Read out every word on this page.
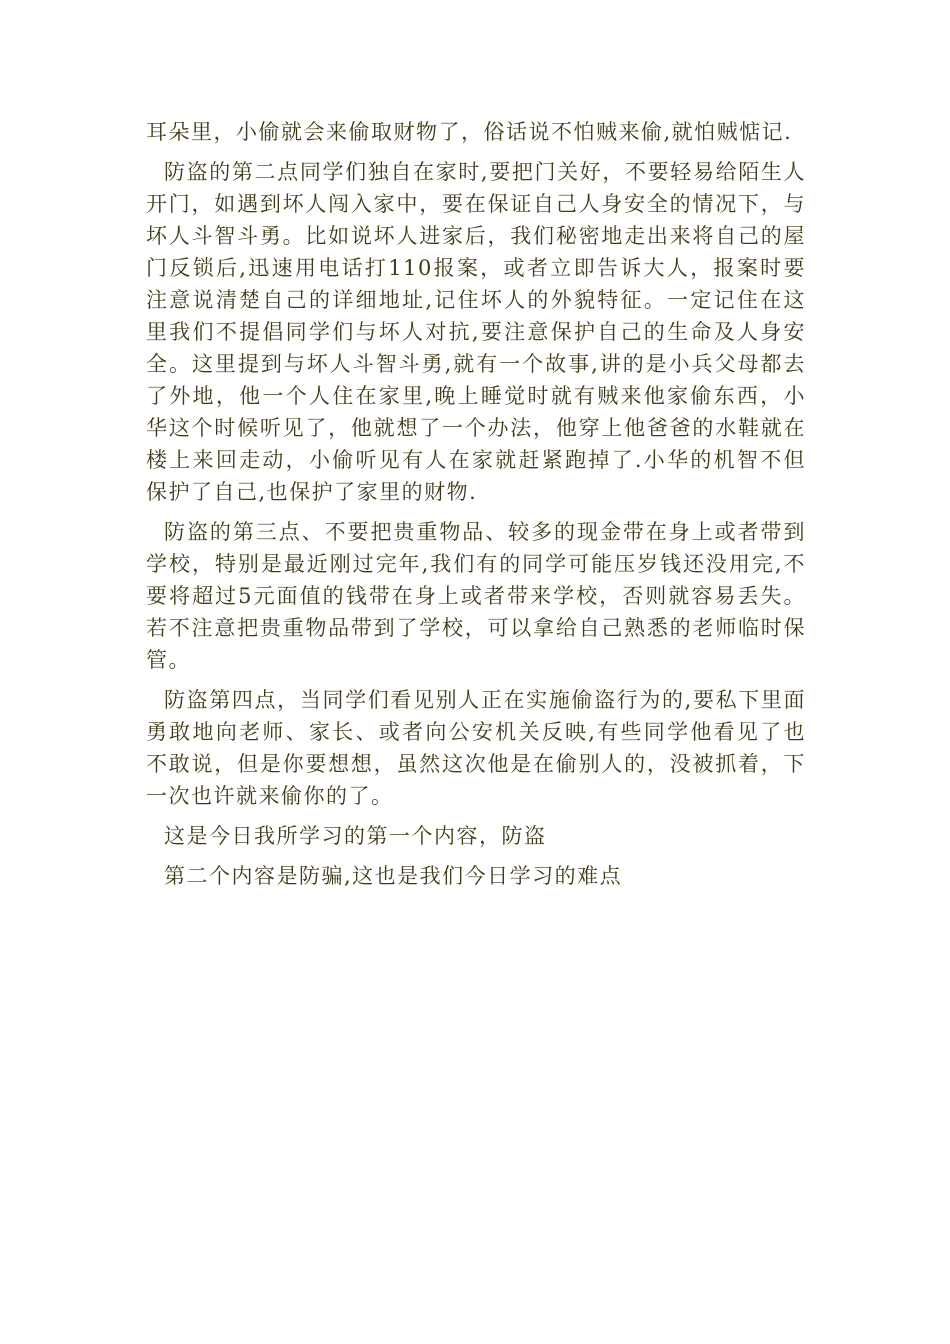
耳朵里，小偷就会来偷取财物了，俗话说不怕贼来偷,就怕贼惦记.

防盗的第二点同学们独自在家时,要把门关好，不要轻易给陌生人开门，如遇到坏人闯入家中，要在保证自己人身安全的情况下，与坏人斗智斗勇。比如说坏人进家后，我们秘密地走出来将自己的屋门反锁后,迅速用电话打110报案，或者立即告诉大人，报案时要注意说清楚自己的详细地址,记住坏人的外貌特征。一定记住在这里我们不提倡同学们与坏人对抗,要注意保护自己的生命及人身安全。这里提到与坏人斗智斗勇,就有一个故事,讲的是小兵父母都去了外地，他一个人住在家里,晚上睡觉时就有贼来他家偷东西，小华这个时候听见了，他就想了一个办法，他穿上他爸爸的水鞋就在楼上来回走动，小偷听见有人在家就赶紧跑掉了.小华的机智不但保护了自己,也保护了家里的财物.

防盗的第三点、不要把贵重物品、较多的现金带在身上或者带到学校，特别是最近刚过完年,我们有的同学可能压岁钱还没用完,不要将超过5元面值的钱带在身上或者带来学校，否则就容易丢失。若不注意把贵重物品带到了学校，可以拿给自己熟悉的老师临时保管。

防盗第四点，当同学们看见别人正在实施偷盗行为的,要私下里面勇敢地向老师、家长、或者向公安机关反映,有些同学他看见了也不敢说，但是你要想想，虽然这次他是在偷别人的，没被抓着，下一次也许就来偷你的了。

这是今日我所学习的第一个内容，防盗

第二个内容是防骗,这也是我们今日学习的难点
